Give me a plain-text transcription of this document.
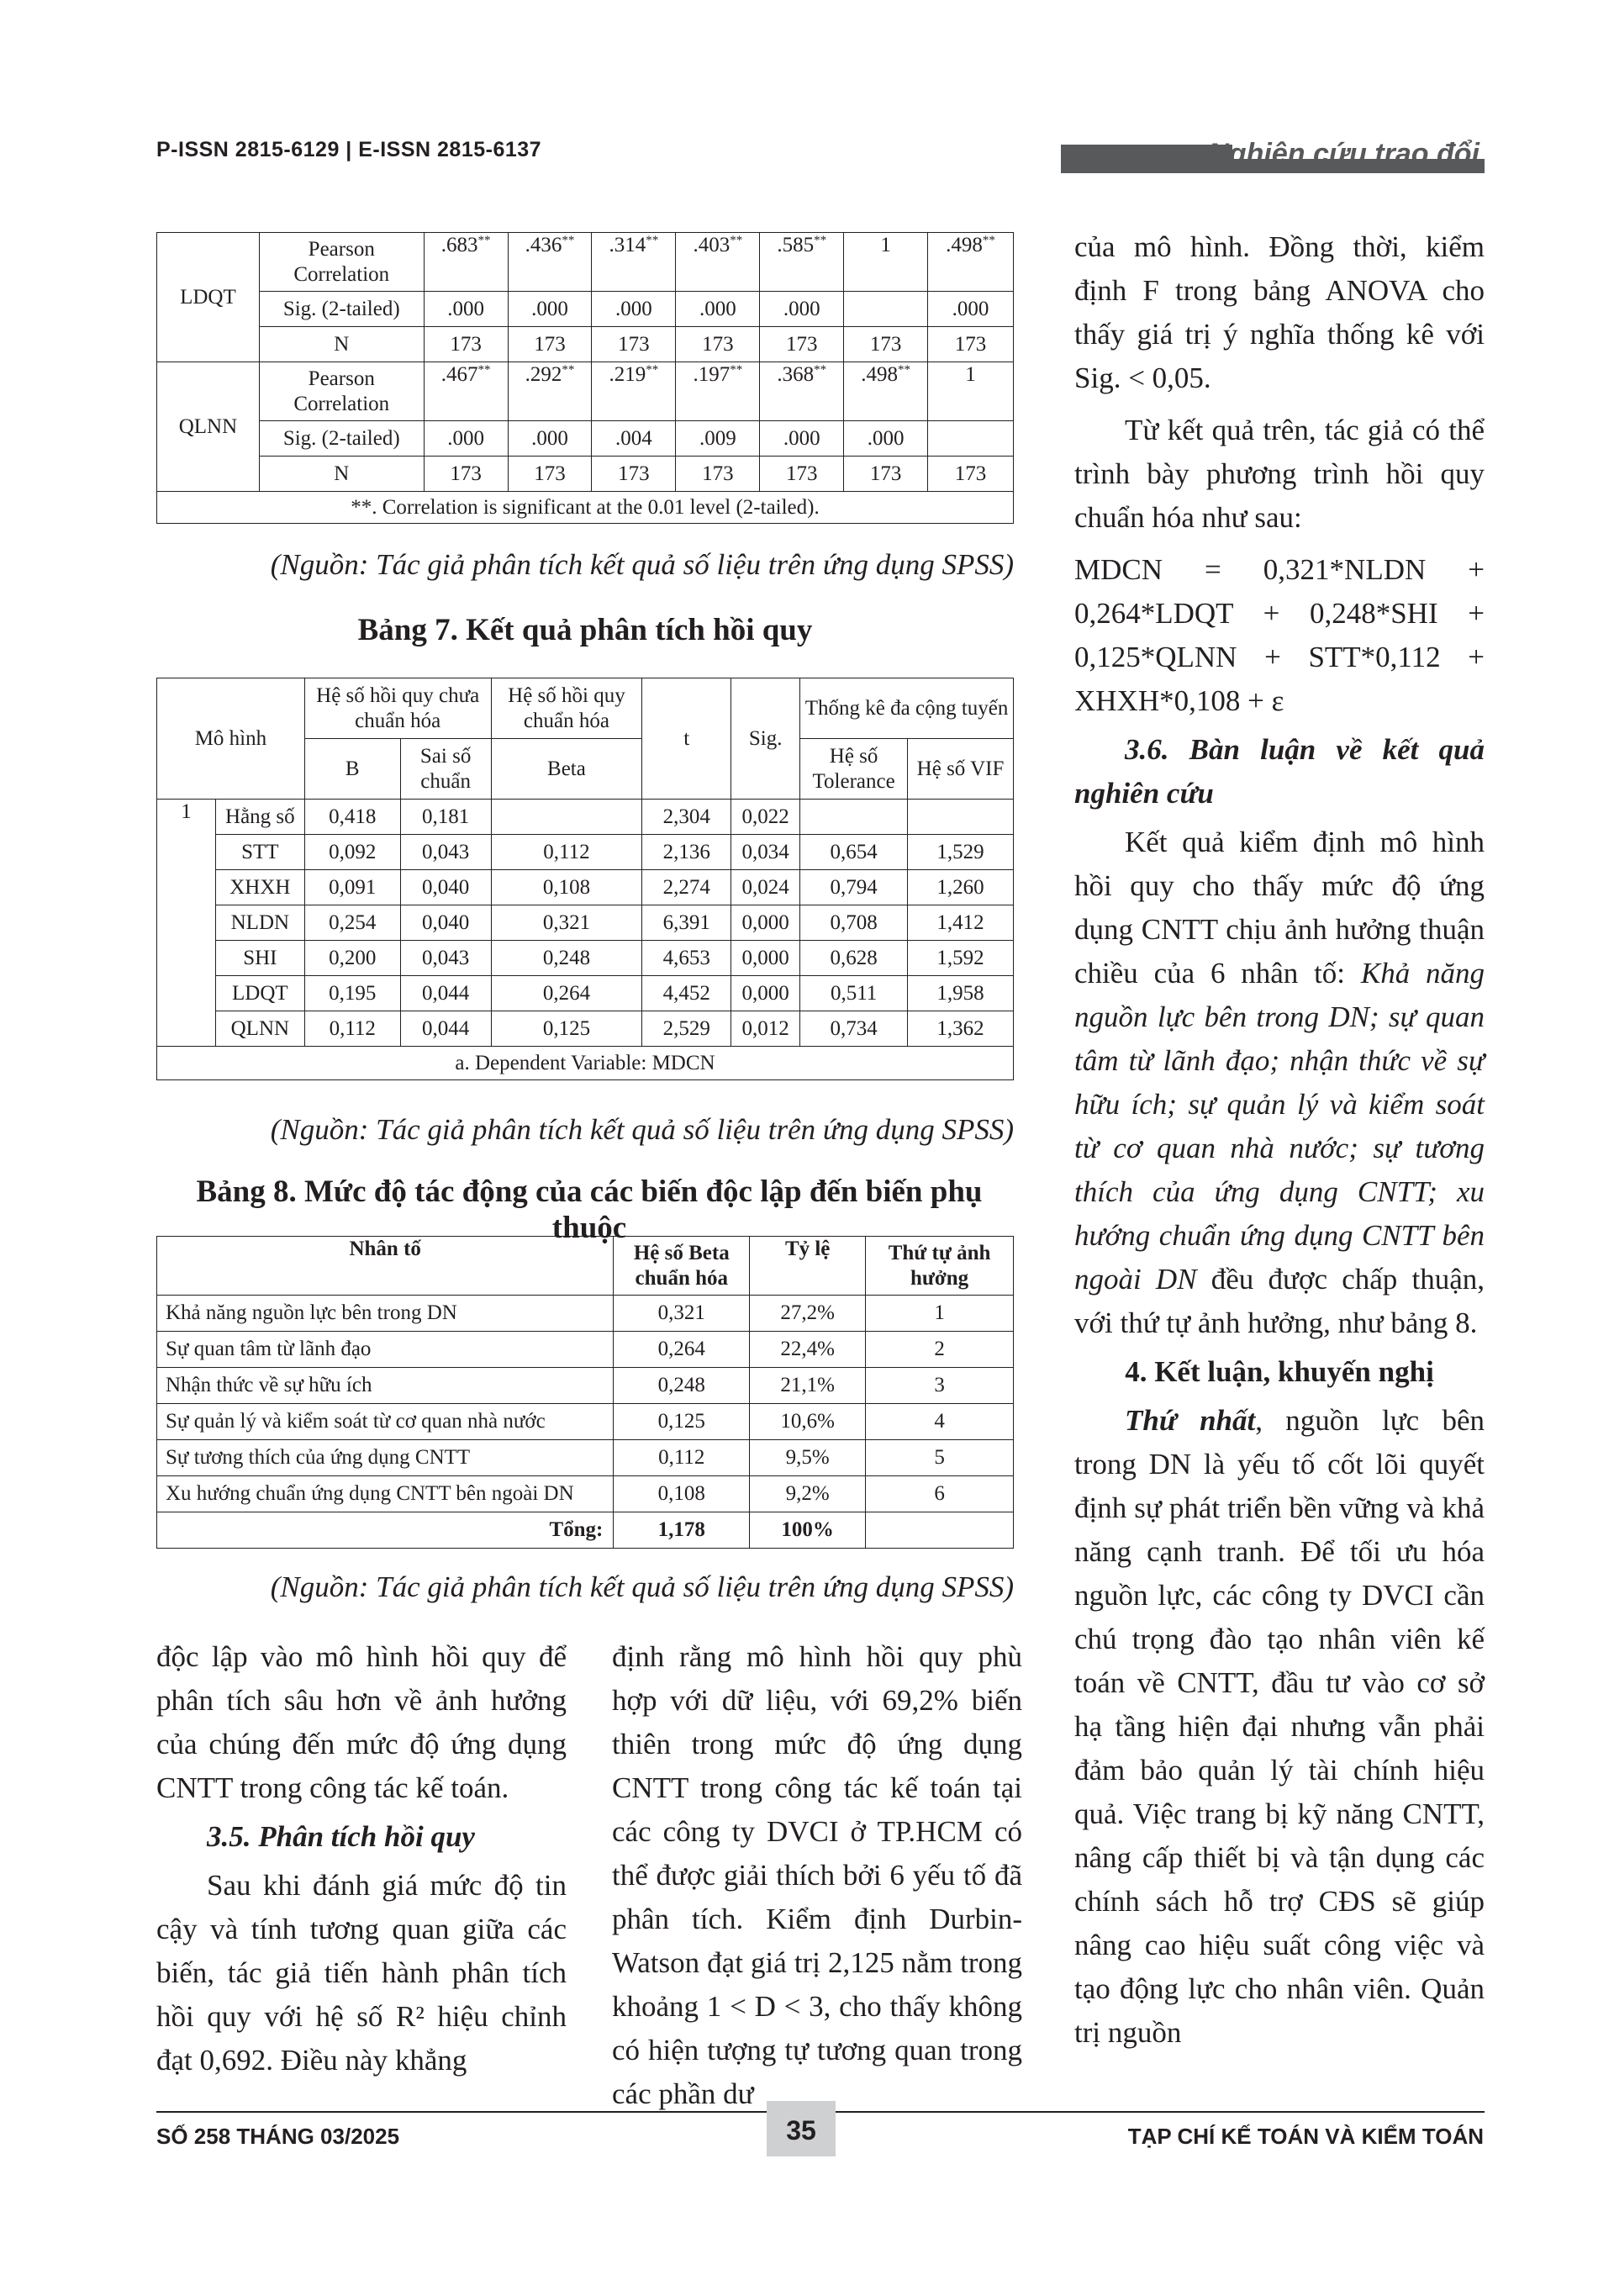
P-ISSN 2815-6129 | E-ISSN 2815-6137	Nghiên cứu trao đổi
LDQT	Pearson Correlation	.683**	.436**	.314**	.403**	.585**	1	.498**
	Sig. (2-tailed)	.000	.000	.000	.000	.000		.000
	N	173	173	173	173	173	173	173
QLNN	Pearson Correlation	.467**	.292**	.219**	.197**	.368**	.498**	1
	Sig. (2-tailed)	.000	.000	.004	.009	.000	.000	
	N	173	173	173	173	173	173	173
**. Correlation is significant at the 0.01 level (2-tailed).								
(Nguồn: Tác giả phân tích kết quả số liệu trên ứng dụng SPSS)
Bảng 7. Kết quả phân tích hồi quy
Mô hình		Hệ số hồi quy chưa chuẩn hóa		Hệ số hồi quy chuẩn hóa	t	Sig.	Thống kê đa cộng tuyến	
		B	Sai số chuẩn	Beta			Hệ số Tolerance	Hệ số VIF
1	Hằng số	0,418	0,181		2,304	0,022		
	STT	0,092	0,043	0,112	2,136	0,034	0,654	1,529
	XHXH	0,091	0,040	0,108	2,274	0,024	0,794	1,260
	NLDN	0,254	0,040	0,321	6,391	0,000	0,708	1,412
	SHI	0,200	0,043	0,248	4,653	0,000	0,628	1,592
	LDQT	0,195	0,044	0,264	4,452	0,000	0,511	1,958
	QLNN	0,112	0,044	0,125	2,529	0,012	0,734	1,362
a. Dependent Variable: MDCN								
(Nguồn: Tác giả phân tích kết quả số liệu trên ứng dụng SPSS)
Bảng 8. Mức độ tác động của các biến độc lập đến biến phụ thuộc
Nhân tố	Hệ số Beta chuẩn hóa	Tỷ lệ	Thứ tự ảnh hưởng
Khả năng nguồn lực bên trong DN	0,321	27,2%	1
Sự quan tâm từ lãnh đạo	0,264	22,4%	2
Nhận thức về sự hữu ích	0,248	21,1%	3
Sự quản lý và kiểm soát từ cơ quan nhà nước	0,125	10,6%	4
Sự tương thích của ứng dụng CNTT	0,112	9,5%	5
Xu hướng chuẩn ứng dụng CNTT bên ngoài DN	0,108	9,2%	6
Tổng:	1,178	100%	
(Nguồn: Tác giả phân tích kết quả số liệu trên ứng dụng SPSS)

độc lập vào mô hình hồi quy để phân tích sâu hơn về ảnh hưởng của chúng đến mức độ ứng dụng CNTT trong công tác kế toán.

3.5. Phân tích hồi quy

Sau khi đánh giá mức độ tin cậy và tính tương quan giữa các biến, tác giả tiến hành phân tích hồi quy với hệ số R² hiệu chỉnh đạt 0,692. Điều này khẳng

định rằng mô hình hồi quy phù hợp với dữ liệu, với 69,2% biến thiên trong mức độ ứng dụng CNTT trong công tác kế toán tại các công ty DVCI ở TP.HCM có thể được giải thích bởi 6 yếu tố đã phân tích. Kiểm định Durbin-Watson đạt giá trị 2,125 nằm trong khoảng 1 < D < 3, cho thấy không có hiện tượng tự tương quan trong các phần dư

của mô hình. Đồng thời, kiểm định F trong bảng ANOVA cho thấy giá trị ý nghĩa thống kê với Sig. < 0,05.

Từ kết quả trên, tác giả có thể trình bày phương trình hồi quy chuẩn hóa như sau:

MDCN = 0,321*NLDN + 0,264*LDQT + 0,248*SHI + 0,125*QLNN + STT*0,112 + XHXH*0,108 + ε

3.6. Bàn luận về kết quả nghiên cứu

Kết quả kiểm định mô hình hồi quy cho thấy mức độ ứng dụng CNTT chịu ảnh hưởng thuận chiều của 6 nhân tố: Khả năng nguồn lực bên trong DN; sự quan tâm từ lãnh đạo; nhận thức về sự hữu ích; sự quản lý và kiểm soát từ cơ quan nhà nước; sự tương thích của ứng dụng CNTT; xu hướng chuẩn ứng dụng CNTT bên ngoài DN đều được chấp thuận, với thứ tự ảnh hưởng, như bảng 8.

4. Kết luận, khuyến nghị

Thứ nhất, nguồn lực bên trong DN là yếu tố cốt lõi quyết định sự phát triển bền vững và khả năng cạnh tranh. Để tối ưu hóa nguồn lực, các công ty DVCI cần chú trọng đào tạo nhân viên kế toán về CNTT, đầu tư vào cơ sở hạ tầng hiện đại nhưng vẫn phải đảm bảo quản lý tài chính hiệu quả. Việc trang bị kỹ năng CNTT, nâng cấp thiết bị và tận dụng các chính sách hỗ trợ CĐS sẽ giúp nâng cao hiệu suất công việc và tạo động lực cho nhân viên. Quản trị nguồn

SỐ 258 THÁNG 03/2025	35	TẠP CHÍ KẾ TOÁN VÀ KIỂM TOÁN
